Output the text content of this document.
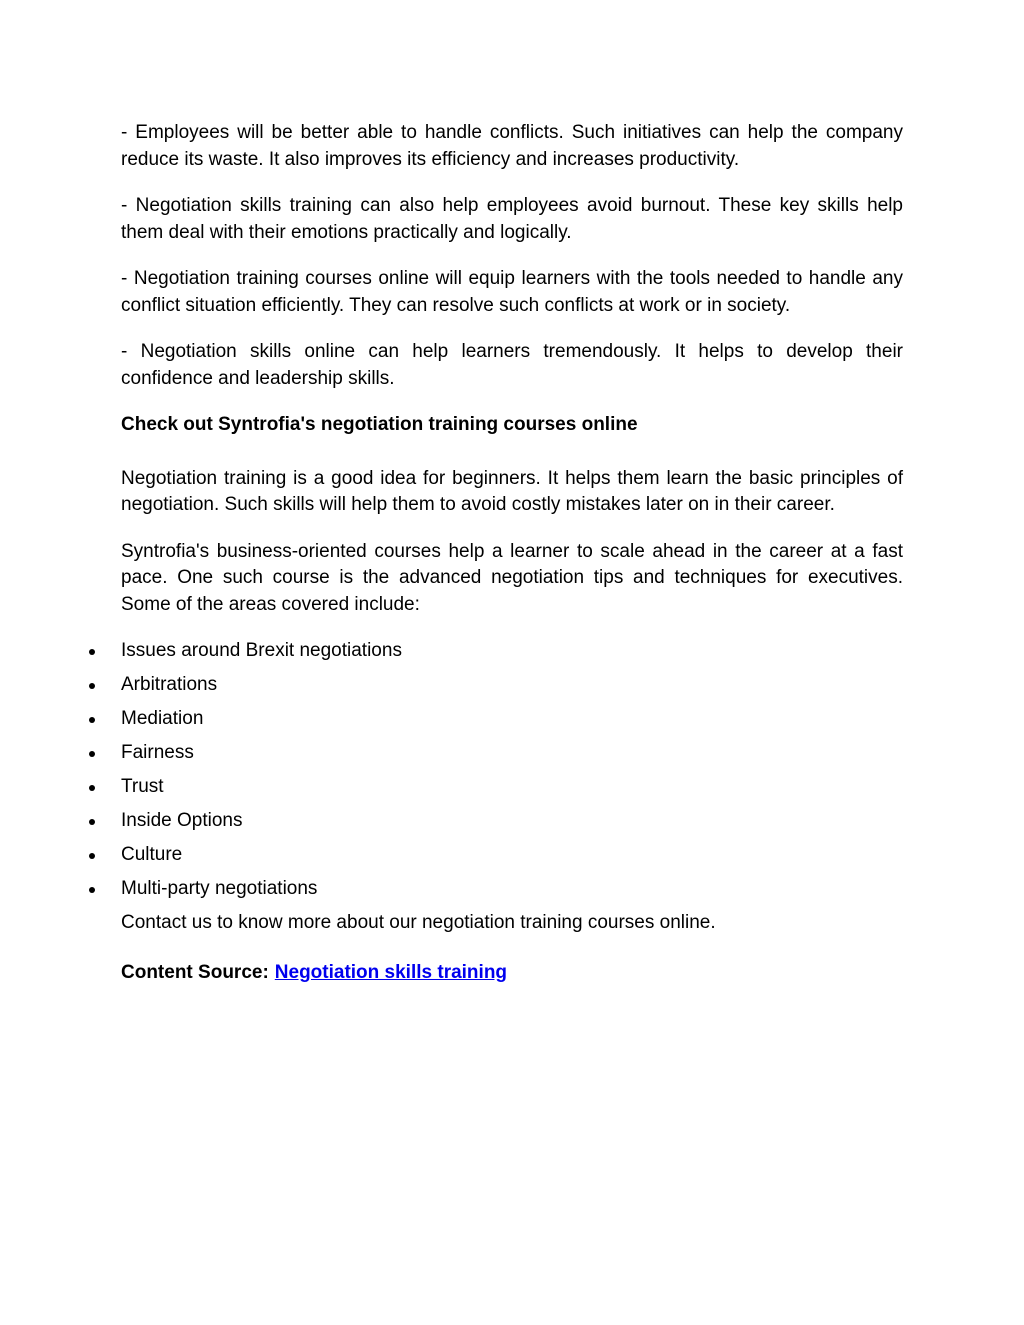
- Employees will be better able to handle conflicts. Such initiatives can help the company reduce its waste. It also improves its efficiency and increases productivity.

- Negotiation skills training can also help employees avoid burnout. These key skills help them deal with their emotions practically and logically.

- Negotiation training courses online will equip learners with the tools needed to handle any conflict situation efficiently. They can resolve such conflicts at work or in society.

- Negotiation skills online can help learners tremendously. It helps to develop their confidence and leadership skills.

Check out Syntrofia's negotiation training courses online

Negotiation training is a good idea for beginners. It helps them learn the basic principles of negotiation. Such skills will help them to avoid costly mistakes later on in their career.

Syntrofia's business-oriented courses help a learner to scale ahead in the career at a fast pace. One such course is the advanced negotiation tips and techniques for executives. Some of the areas covered include:

Issues around Brexit negotiations
Arbitrations
Mediation
Fairness
Trust
Inside Options
Culture
Multi-party negotiations

Contact us to know more about our negotiation training courses online.

Content Source: Negotiation skills training
